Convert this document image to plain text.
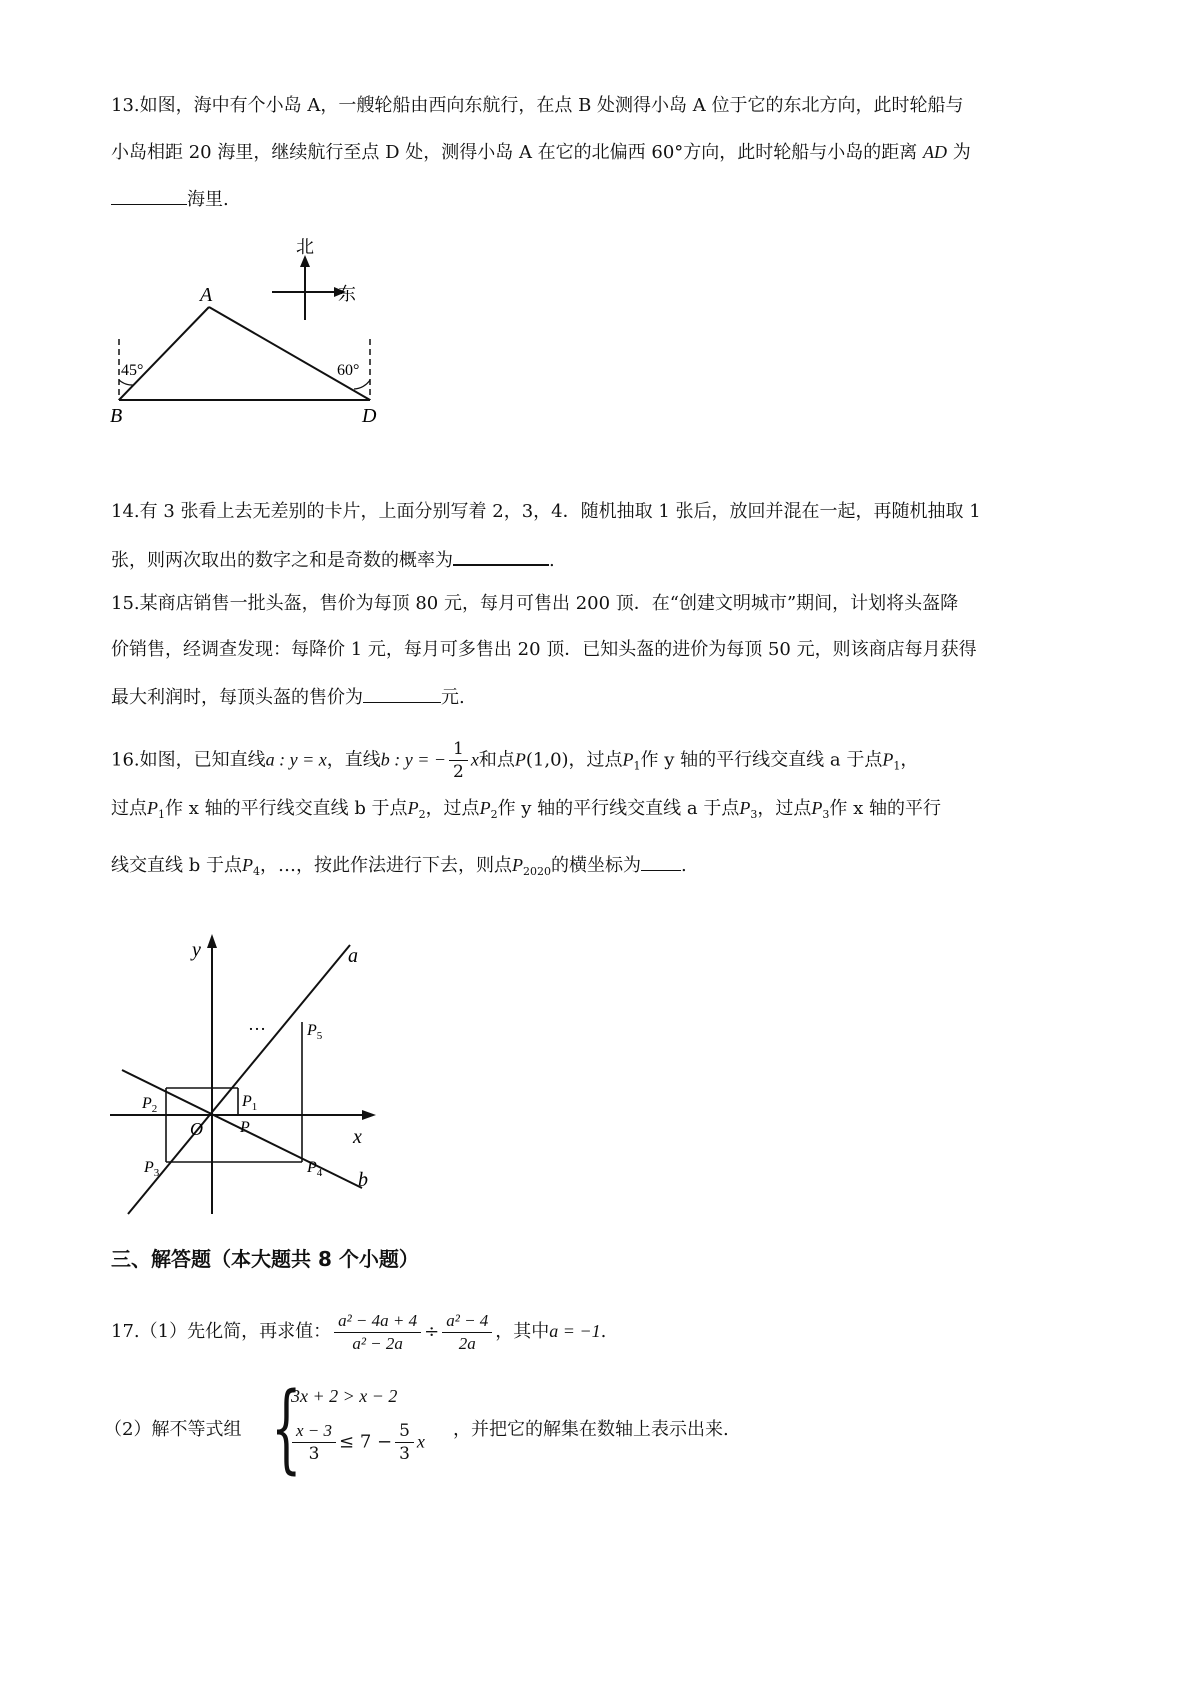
13.如图，海中有个小岛 A，一艘轮船由西向东航行，在点 B 处测得小岛 A 位于它的东北方向，此时轮船与
小岛相距 20 海里，继续航行至点 D 处，测得小岛 A 在它的北偏西 60°方向，此时轮船与小岛的距离 AD 为
海里.
A
B	D
45°	60°
北
东
14.有 3 张看上去无差别的卡片，上面分别写着 2，3，4．随机抽取 1 张后，放回并混在一起，再随机抽取 1
张，则两次取出的数字之和是奇数的概率为	.
15.某商店销售一批头盔，售价为每顶 80 元，每月可售出 200 顶．在“创建文明城市”期间，计划将头盔降
价销售，经调查发现：每降价 1 元，每月可多售出 20 顶．已知头盔的进价为每顶 50 元，则该商店每月获得
最大利润时，每顶头盔的售价为	元.
16.如图，已知直线a : y = x，直线b : y = − $\frac{1}{2}$ x和点P(1,0)，过点$P_1$作 y 轴的平行线交直线 a 于点$P_1$，
过点$P_1$作 x 轴的平行线交直线 b 于点$P_2$，过点$P_2$作 y 轴的平行线交直线 a 于点$P_3$，过点$P_3$作 x 轴的平行
线交直线 b 于点$P_4$，…，按此作法进行下去，则点$P_{2020}$的横坐标为 .
y
x
a
b
O P
…
$P_1$
$P_2$
$P_3$	$P_4$
$P_5$
三、解答题（本大题共 8 个小题）
17.（1）先化简，再求值： $\frac{\text{a² − 4a + 4}}{\text{a² − 2a}} \div \frac{\text{a² − 4}}{2a}$ ，其中a = −1.
（2）解不等式组 {
3x + 2 > x − 2
$\frac{x - 3}{3} \le 7 - \frac{5}{3}$ x
，并把它的解集在数轴上表示出来.
